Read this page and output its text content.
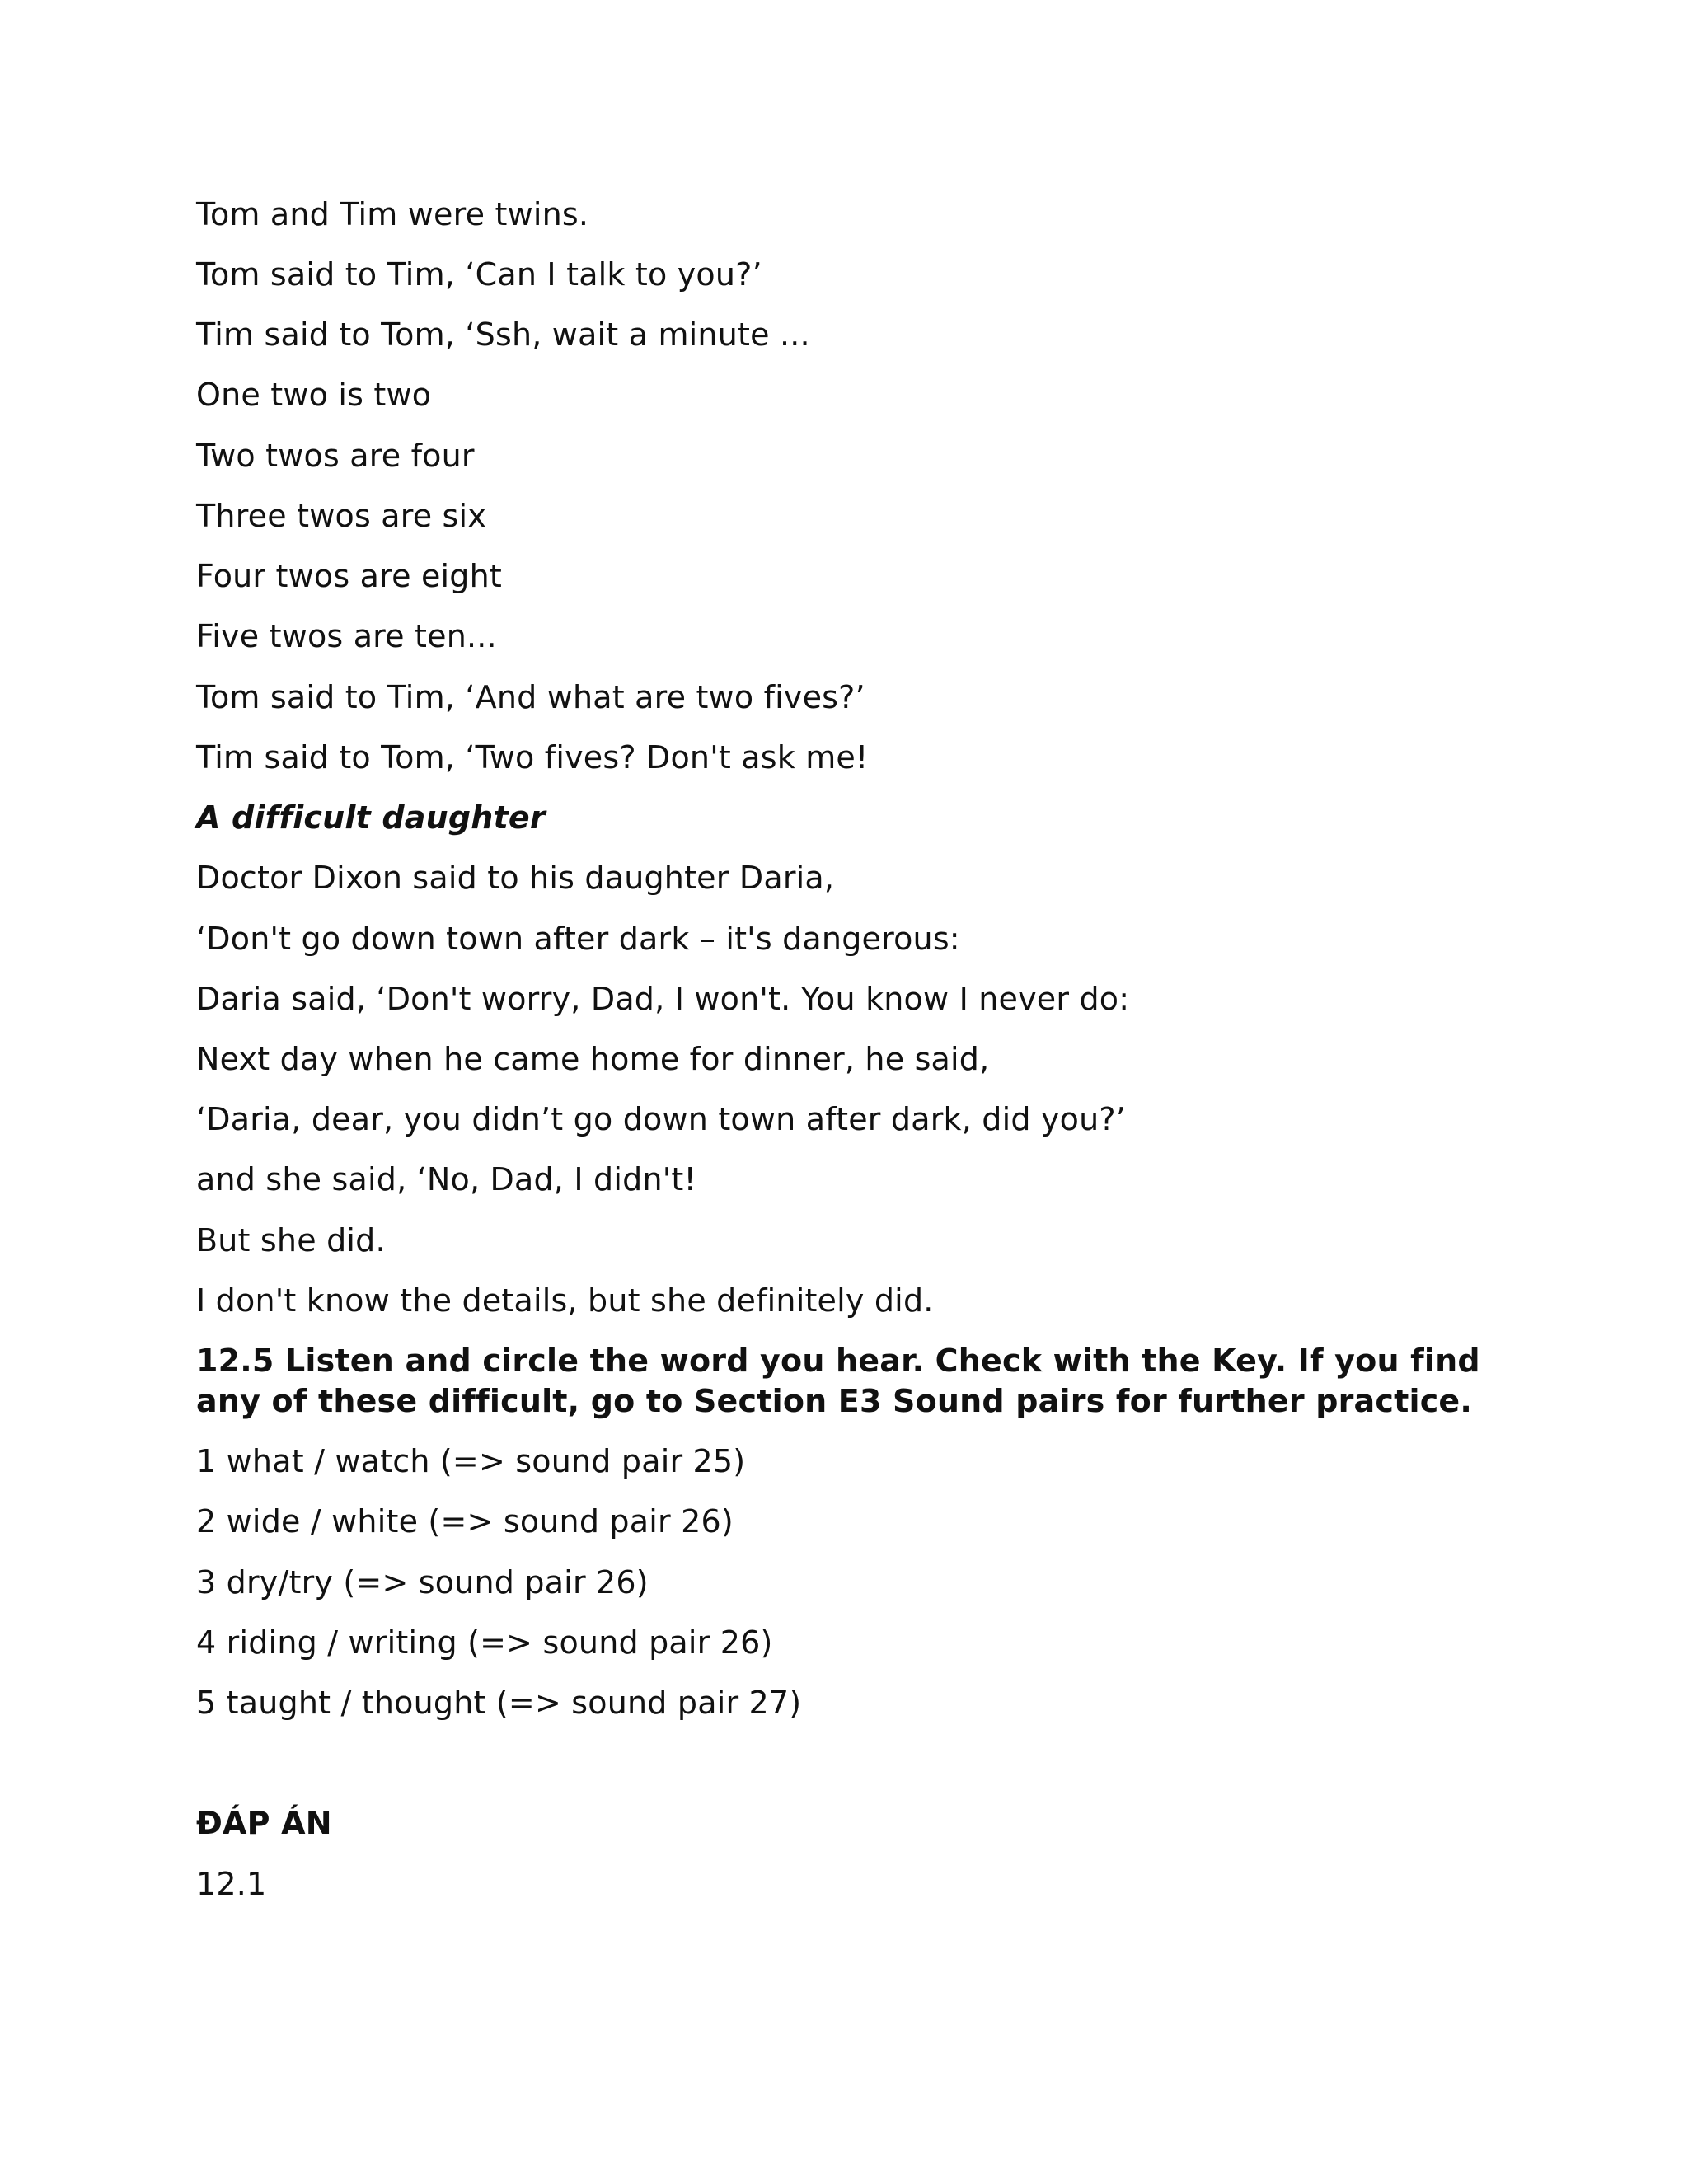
Tom and Tim were twins.
Tom said to Tim, ‘Can I talk to you?’
Tim said to Tom, ‘Ssh, wait a minute ...
One two is two
Two twos are four
Three twos are six
Four twos are eight
Five twos are ten...
Tom said to Tim, ‘And what are two fives?’
Tim said to Tom, ‘Two fives? Don't ask me!
A difficult daughter
Doctor Dixon said to his daughter Daria,
‘Don't go down town after dark – it's dangerous:
Daria said, ‘Don't worry, Dad, I won't. You know I never do:
Next day when he came home for dinner, he said,
‘Daria, dear, you didn’t go down town after dark, did you?’
and she said, ‘No, Dad, I didn't!
But she did.
I don't know the details, but she definitely did.
12.5 Listen and circle the word you hear. Check with the Key. If you find any of these difficult, go to Section E3 Sound pairs for further practice.
1 what / watch (=> sound pair 25)
2 wide / white (=> sound pair 26)
3 dry/try (=> sound pair 26)
4 riding / writing (=> sound pair 26)
5 taught / thought (=> sound pair 27)
ĐÁP ÁN
12.1
